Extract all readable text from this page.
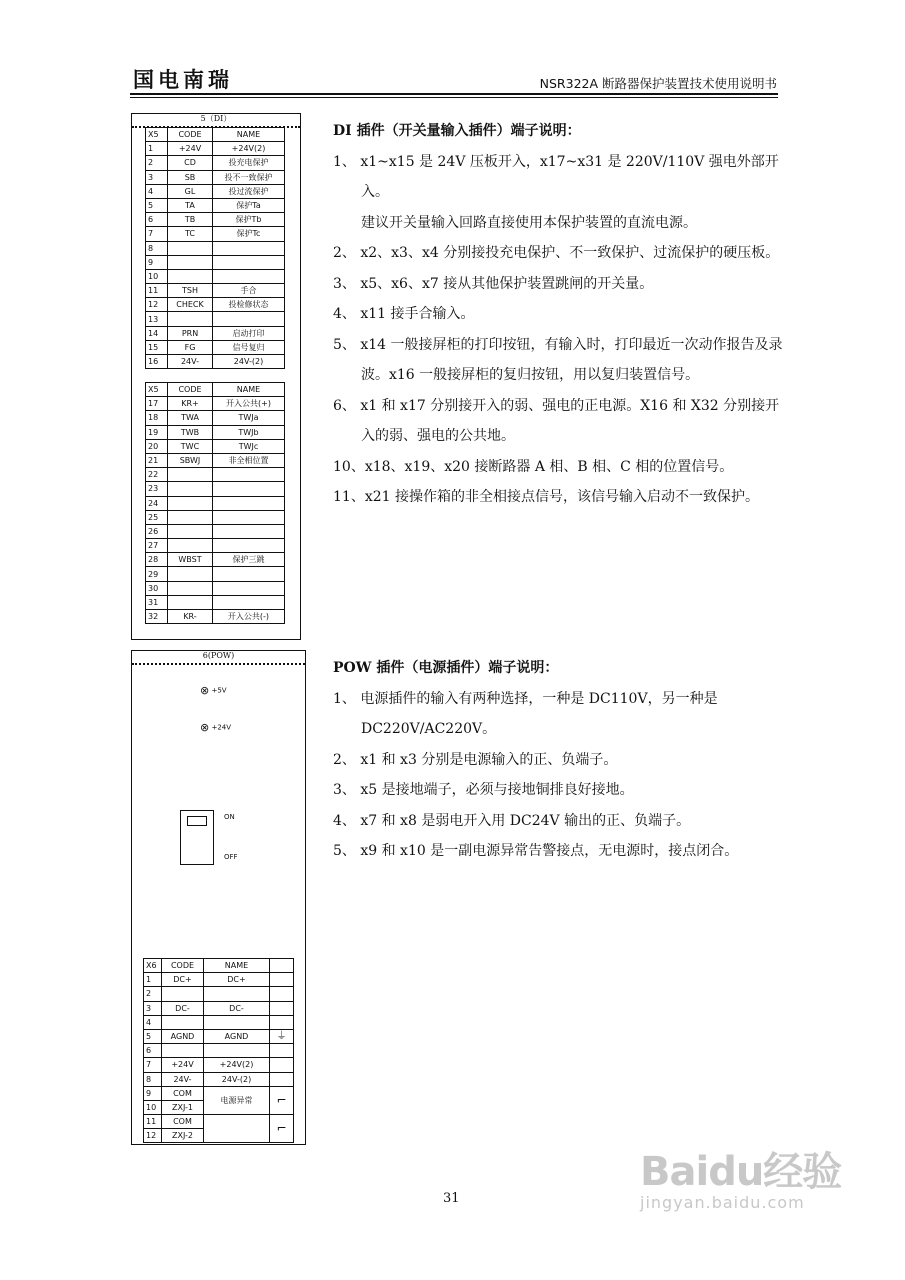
国电南瑞	NSR322A 断路器保护装置技术使用说明书
5（DI）
X5	CODE	NAME
1	+24V	+24V(2)
2	CD	投充电保护
3	SB	投不一致保护
4	GL	投过流保护
5	TA	保护Ta
6	TB	保护Tb
7	TC	保护Tc
8		
9		
10		
11	TSH	手合
12	CHECK	投检修状态
13		
14	PRN	启动打印
15	FG	信号复归
16	24V-	24V-(2)
X5	CODE	NAME
17	KR+	开入公共(+)
18	TWA	TWJa
19	TWB	TWJb
20	TWC	TWJc
21	SBWJ	非全相位置
22		
23		
24		
25		
26		
27		
28	WBST	保护三跳
29		
30		
31		
32	KR-	开入公共(-)
6(POW)
⊗ +5V
⊗ +24V
ON
OFF
X6	CODE	NAME	
1	DC+	DC+	
2			
3	DC-	DC-	
4			
5	AGND	AGND	⏚
6			
7	+24V	+24V(2)	
8	24V-	24V-(2)	
9	COM	电源异常	⌐
10	ZXJ-1		
11	COM		⌐
12	ZXJ-2		
DI 插件（开关量输入插件）端子说明：
1、 x1~x15 是 24V 压板开入，x17~x31 是 220V/110V 强电外部开入。
建议开关量输入回路直接使用本保护装置的直流电源。
2、 x2、x3、x4 分别接投充电保护、不一致保护、过流保护的硬压板。
3、 x5、x6、x7 接从其他保护装置跳闸的开关量。
4、 x11 接手合输入。
5、 x14 一般接屏柜的打印按钮，有输入时，打印最近一次动作报告及录波。x16 一般接屏柜的复归按钮，用以复归装置信号。
6、 x1 和 x17 分别接开入的弱、强电的正电源。X16 和 X32 分别接开入的弱、强电的公共地。
10、x18、x19、x20 接断路器 A 相、B 相、C 相的位置信号。
11、x21 接操作箱的非全相接点信号，该信号输入启动不一致保护。
POW 插件（电源插件）端子说明：
1、 电源插件的输入有两种选择，一种是 DC110V，另一种是 DC220V/AC220V。
2、 x1 和 x3 分别是电源输入的正、负端子。
3、 x5 是接地端子，必须与接地铜排良好接地。
4、 x7 和 x8 是弱电开入用 DC24V 输出的正、负端子。
5、 x9 和 x10 是一副电源异常告警接点，无电源时，接点闭合。
31
Baidu经验
jingyan.baidu.com
